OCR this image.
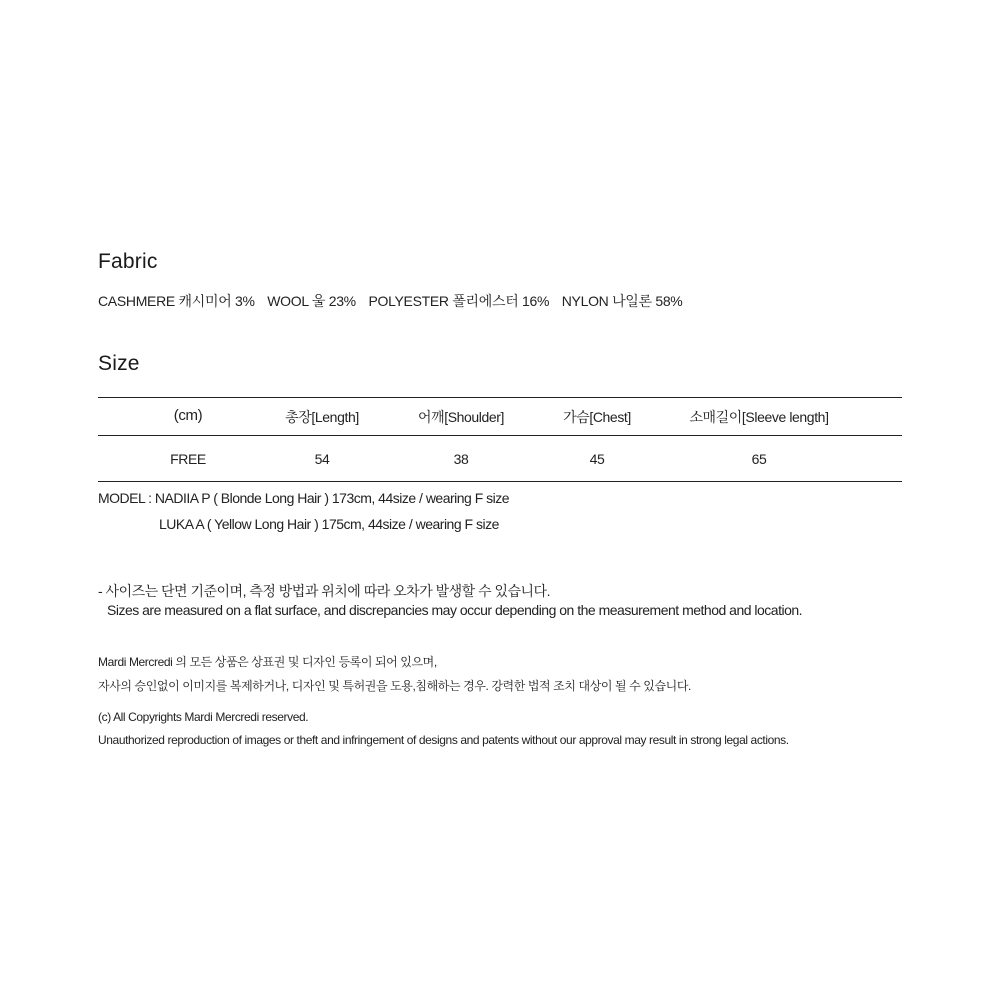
Fabric
CASHMERE 캐시미어 3% WOOL 울 23% POLYESTER 폴리에스터 16% NYLON 나일론 58%
Size
(cm)	총장[Length]	어깨[Shoulder]	가슴[Chest]	소매길이[Sleeve length]
FREE	54	38	45	65
MODEL : NADIIA P ( Blonde Long Hair ) 173cm, 44size / wearing F size
LUKA A ( Yellow Long Hair ) 175cm, 44size / wearing F size
- 사이즈는 단면 기준이며, 측정 방법과 위치에 따라 오차가 발생할 수 있습니다.
Sizes are measured on a flat surface, and discrepancies may occur depending on the measurement method and location.
Mardi Mercredi 의 모든 상품은 상표권 및 디자인 등록이 되어 있으며,
자사의 승인없이 이미지를 복제하거나, 디자인 및 특허권을 도용,침해하는 경우. 강력한 법적 조치 대상이 될 수 있습니다.
(c) All Copyrights Mardi Mercredi reserved.
Unauthorized reproduction of images or theft and infringement of designs and patents without our approval may result in strong legal actions.
